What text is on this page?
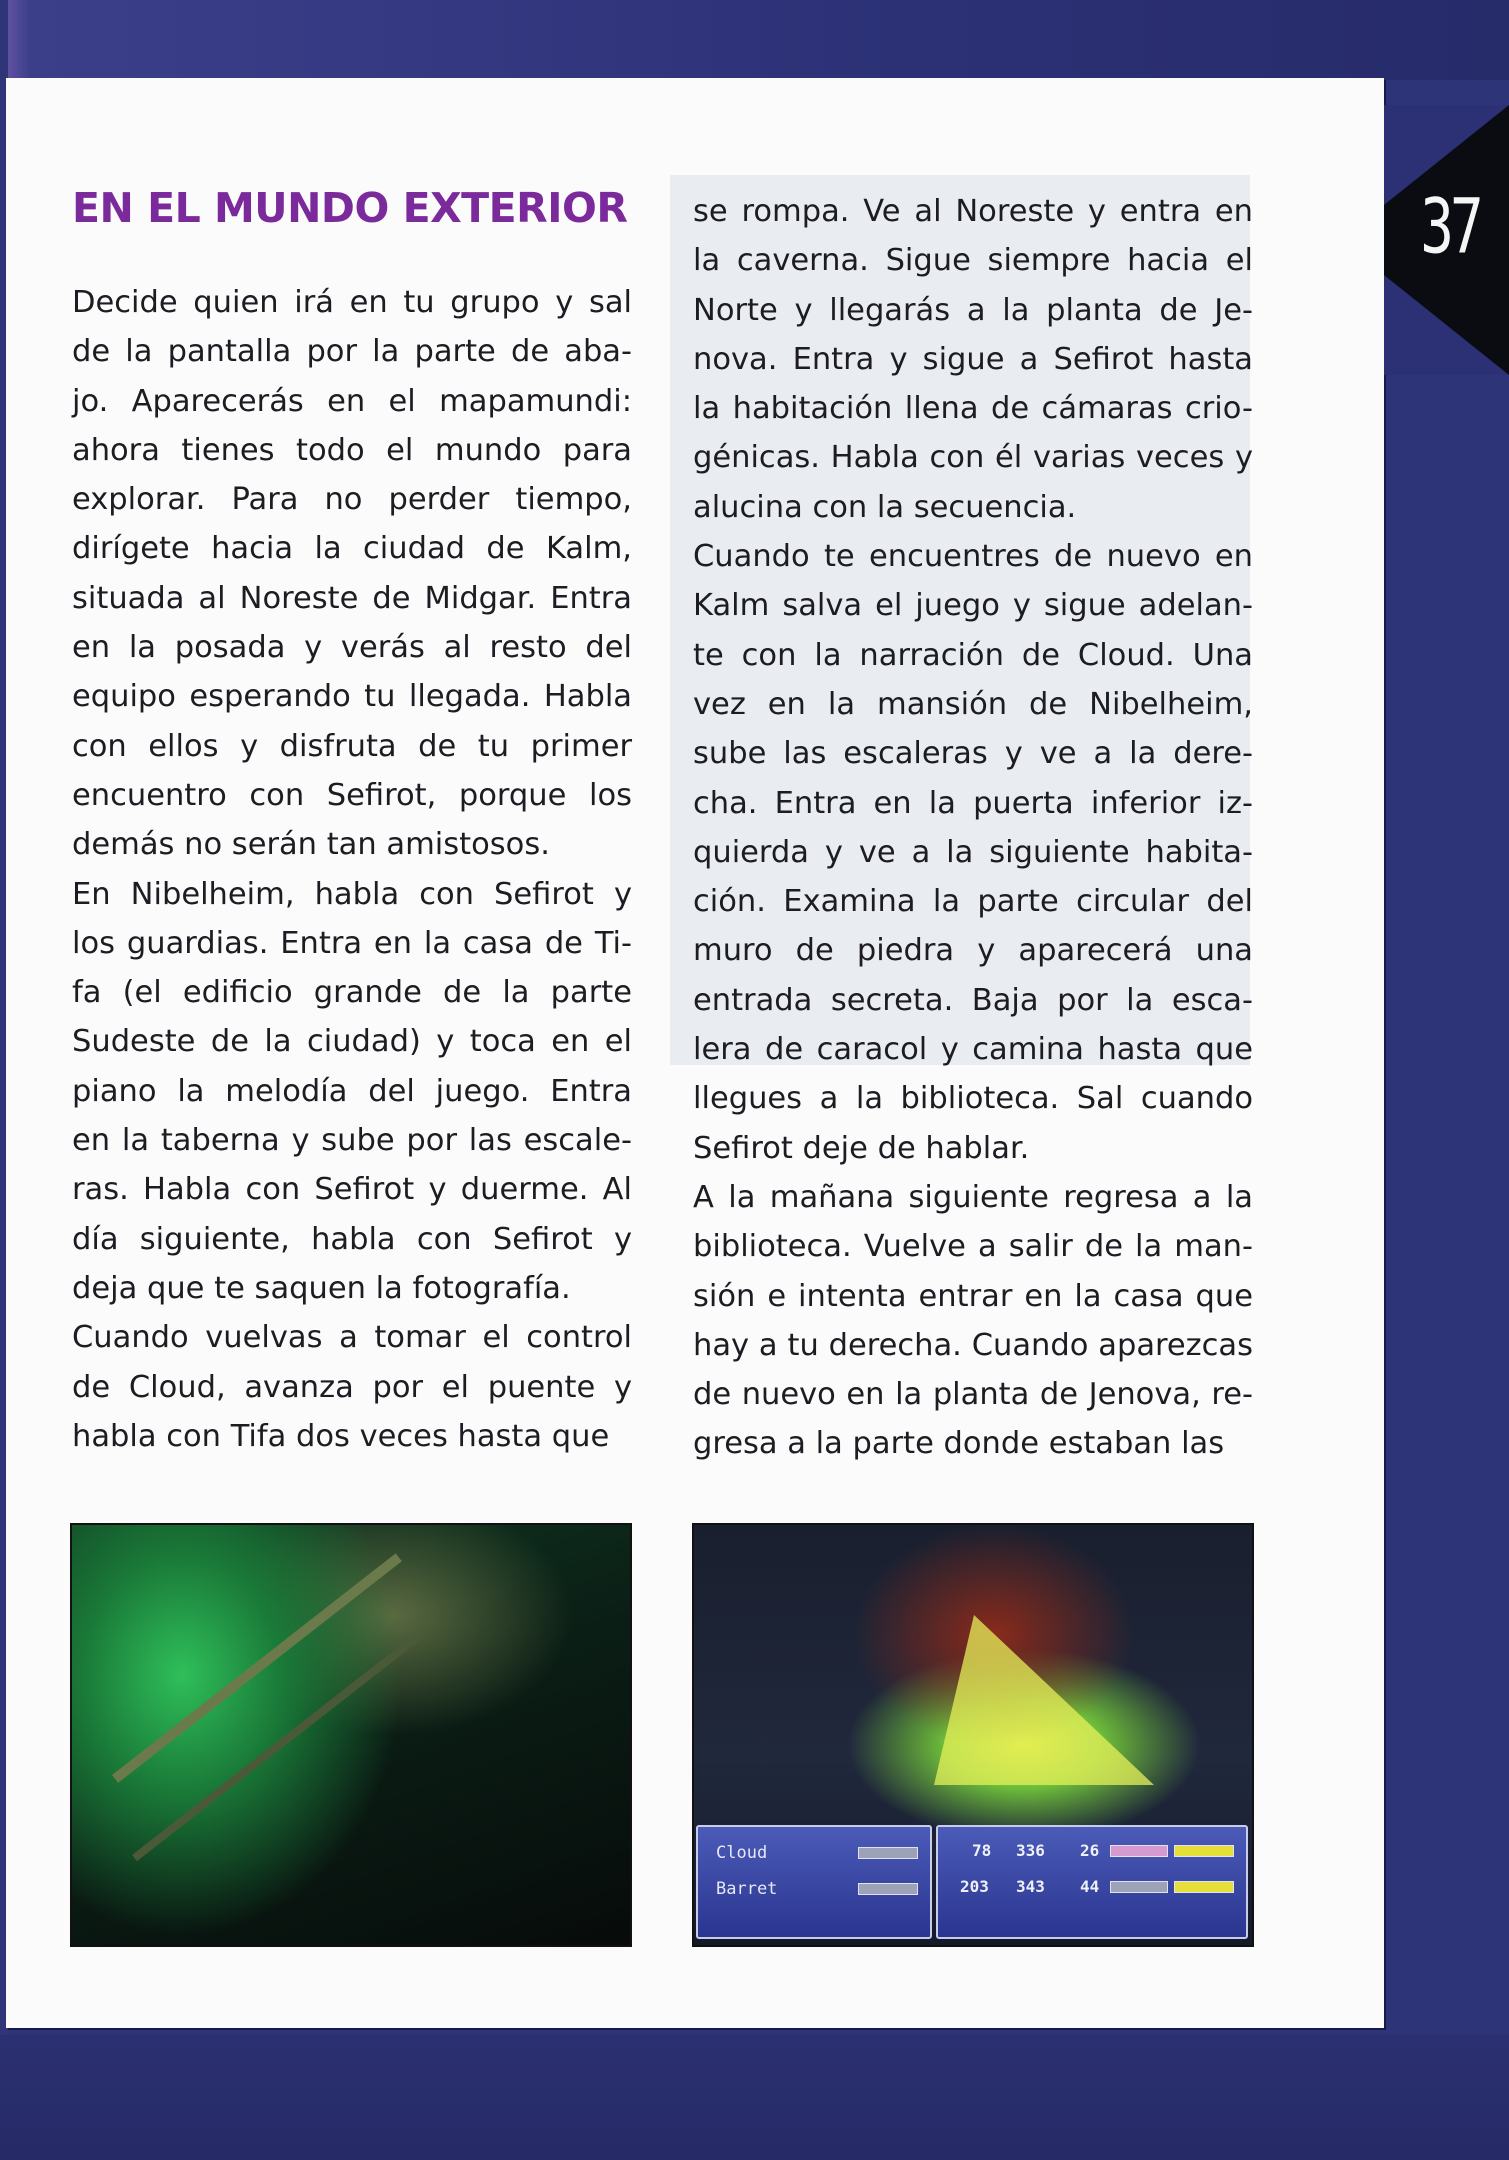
37
EN EL MUNDO EXTERIOR
Decide quien irá en tu grupo y sal
de la pantalla por la parte de aba-
jo. Aparecerás en el mapamundi:
ahora tienes todo el mundo para
explorar. Para no perder tiempo,
dirígete hacia la ciudad de Kalm,
situada al Noreste de Midgar. Entra
en la posada y verás al resto del
equipo esperando tu llegada. Habla
con ellos y disfruta de tu primer
encuentro con Sefirot, porque los
demás no serán tan amistosos.
En Nibelheim, habla con Sefirot y
los guardias. Entra en la casa de Ti-
fa (el edificio grande de la parte
Sudeste de la ciudad) y toca en el
piano la melodía del juego. Entra
en la taberna y sube por las escale-
ras. Habla con Sefirot y duerme. Al
día siguiente, habla con Sefirot y
deja que te saquen la fotografía.
Cuando vuelvas a tomar el control
de Cloud, avanza por el puente y
habla con Tifa dos veces hasta que
se rompa. Ve al Noreste y entra en
la caverna. Sigue siempre hacia el
Norte y llegarás a la planta de Je-
nova. Entra y sigue a Sefirot hasta
la habitación llena de cámaras crio-
génicas. Habla con él varias veces y
alucina con la secuencia.
Cuando te encuentres de nuevo en
Kalm salva el juego y sigue adelan-
te con la narración de Cloud. Una
vez en la mansión de Nibelheim,
sube las escaleras y ve a la dere-
cha. Entra en la puerta inferior iz-
quierda y ve a la siguiente habita-
ción. Examina la parte circular del
muro de piedra y aparecerá una
entrada secreta. Baja por la esca-
lera de caracol y camina hasta que
llegues a la biblioteca. Sal cuando
Sefirot deje de hablar.
A la mañana siguiente regresa a la
biblioteca. Vuelve a salir de la man-
sión e intenta entrar en la casa que
hay a tu derecha. Cuando aparezcas
de nuevo en la planta de Jenova, re-
gresa a la parte donde estaban las
Cloud
Barret
78 336 26
203 343 44
